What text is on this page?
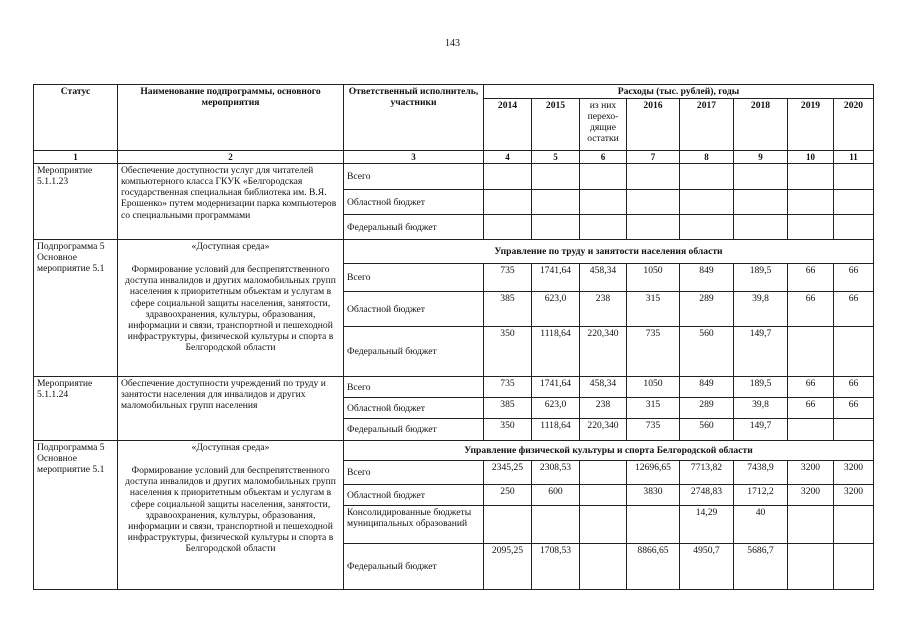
143
Статус	Наименование подпрограммы, основного мероприятия	Ответственный исполнитель, участники	Расходы (тыс. рублей), годы							
			2014	2015	из них перехо-дящие остатки	2016	2017	2018	2019	2020
1	2	3	4	5	6	7	8	9	10	11
Мероприятие 5.1.1.23	Обеспечение доступности услуг для читателей компьютерного класса ГКУК «Белгородская государственная специальная библиотека им. В.Я. Ерошенко» путем модернизации парка компьютеров со специальными программами	Всего								
		Областной бюджет								
		Федеральный бюджет								
Подпрограмма 5 Основное мероприятие 5.1	«Доступная среда»
Формирование условий для беспрепятственного доступа инвалидов и других маломобильных групп населения к приоритетным объектам и услугам в сфере социальной защиты населения, занятости, здравоохранения, культуры, образования, информации и связи, транспортной и пешеходной инфраструктуры, физической культуры и спорта в Белгородской области	Управление по труду и занятости населения области								
		Всего	735	1741,64	458,34	1050	849	189,5	66	66
		Областной бюджет	385	623,0	238	315	289	39,8	66	66
		Федеральный бюджет	350	1118,64	220,340	735	560	149,7		
Мероприятие 5.1.1.24	Обеспечение доступности учреждений по труду и занятости населения для инвалидов и других маломобильных групп населения	Всего	735	1741,64	458,34	1050	849	189,5	66	66
		Областной бюджет	385	623,0	238	315	289	39,8	66	66
		Федеральный бюджет	350	1118,64	220,340	735	560	149,7		
Подпрограмма 5 Основное мероприятие 5.1	«Доступная среда»
Формирование условий для беспрепятственного доступа инвалидов и других маломобильных групп населения к приоритетным объектам и услугам в сфере социальной защиты населения, занятости, здравоохранения, культуры, образования, информации и связи, транспортной и пешеходной инфраструктуры, физической культуры и спорта в Белгородской области	Управление физической культуры и спорта Белгородской области								
		Всего	2345,25	2308,53		12696,65	7713,82	7438,9	3200	3200
		Областной бюджет	250	600		3830	2748,83	1712,2	3200	3200
		Консолидированные бюджеты муниципальных образований					14,29	40		
		Федеральный бюджет	2095,25	1708,53		8866,65	4950,7	5686,7		
